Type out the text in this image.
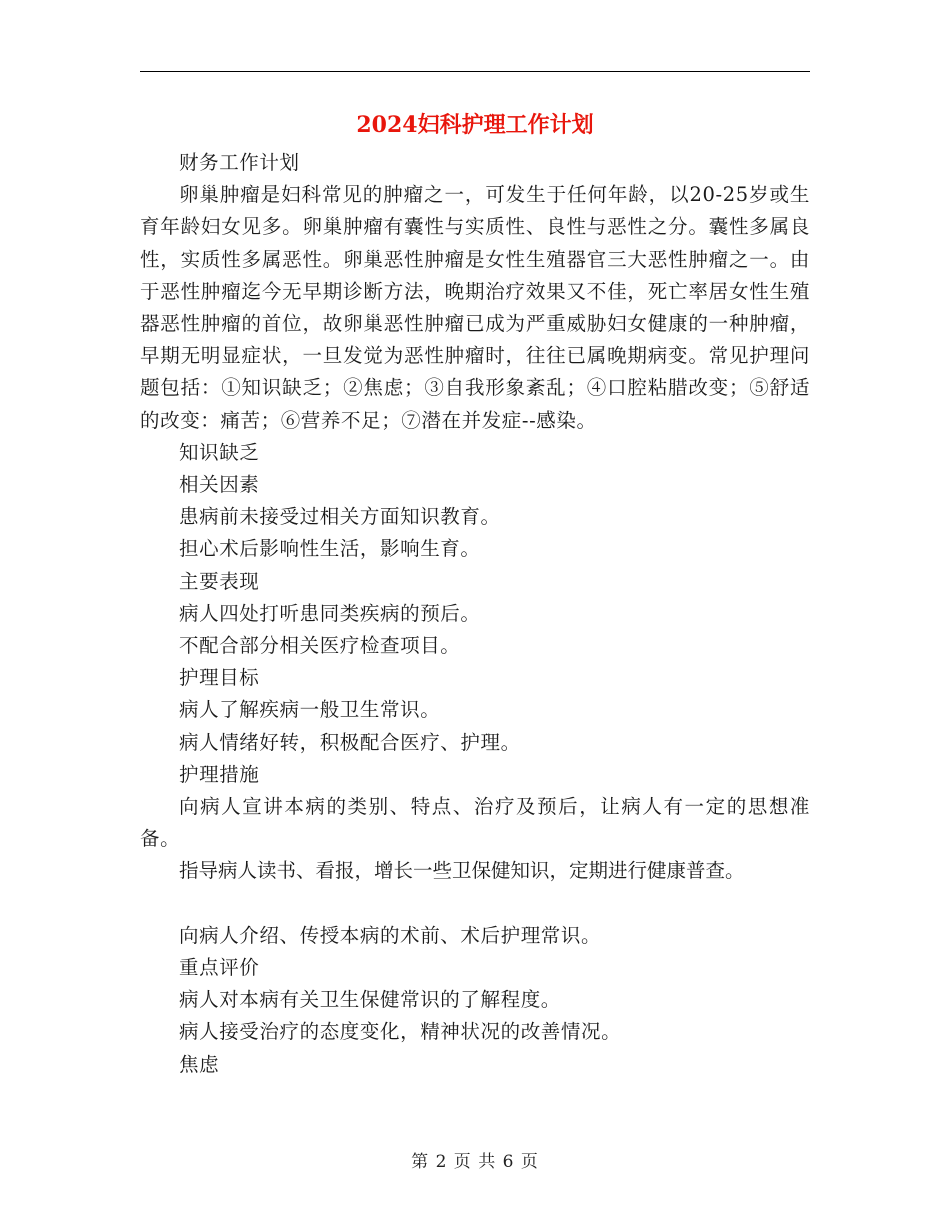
2024妇科护理工作计划

财务工作计划

卵巢肿瘤是妇科常见的肿瘤之一，可发生于任何年龄，以20-25岁或生育年龄妇女见多。卵巢肿瘤有囊性与实质性、良性与恶性之分。囊性多属良性，实质性多属恶性。卵巢恶性肿瘤是女性生殖器官三大恶性肿瘤之一。由于恶性肿瘤迄今无早期诊断方法，晚期治疗效果又不佳，死亡率居女性生殖器恶性肿瘤的首位，故卵巢恶性肿瘤已成为严重威胁妇女健康的一种肿瘤，早期无明显症状，一旦发觉为恶性肿瘤时，往往已属晚期病变。常见护理问题包括：①知识缺乏；②焦虑；③自我形象紊乱；④口腔粘腊改变；⑤舒适的改变：痛苦；⑥营养不足；⑦潜在并发症--感染。

知识缺乏

相关因素

患病前未接受过相关方面知识教育。

担心术后影响性生活，影响生育。

主要表现

病人四处打听患同类疾病的预后。

不配合部分相关医疗检查项目。

护理目标

病人了解疾病一般卫生常识。

病人情绪好转，积极配合医疗、护理。

护理措施

向病人宣讲本病的类别、特点、治疗及预后，让病人有一定的思想准备。

指导病人读书、看报，增长一些卫保健知识，定期进行健康普查。

向病人介绍、传授本病的术前、术后护理常识。

重点评价

病人对本病有关卫生保健常识的了解程度。

病人接受治疗的态度变化，精神状况的改善情况。

焦虑

第 2 页 共 6 页
